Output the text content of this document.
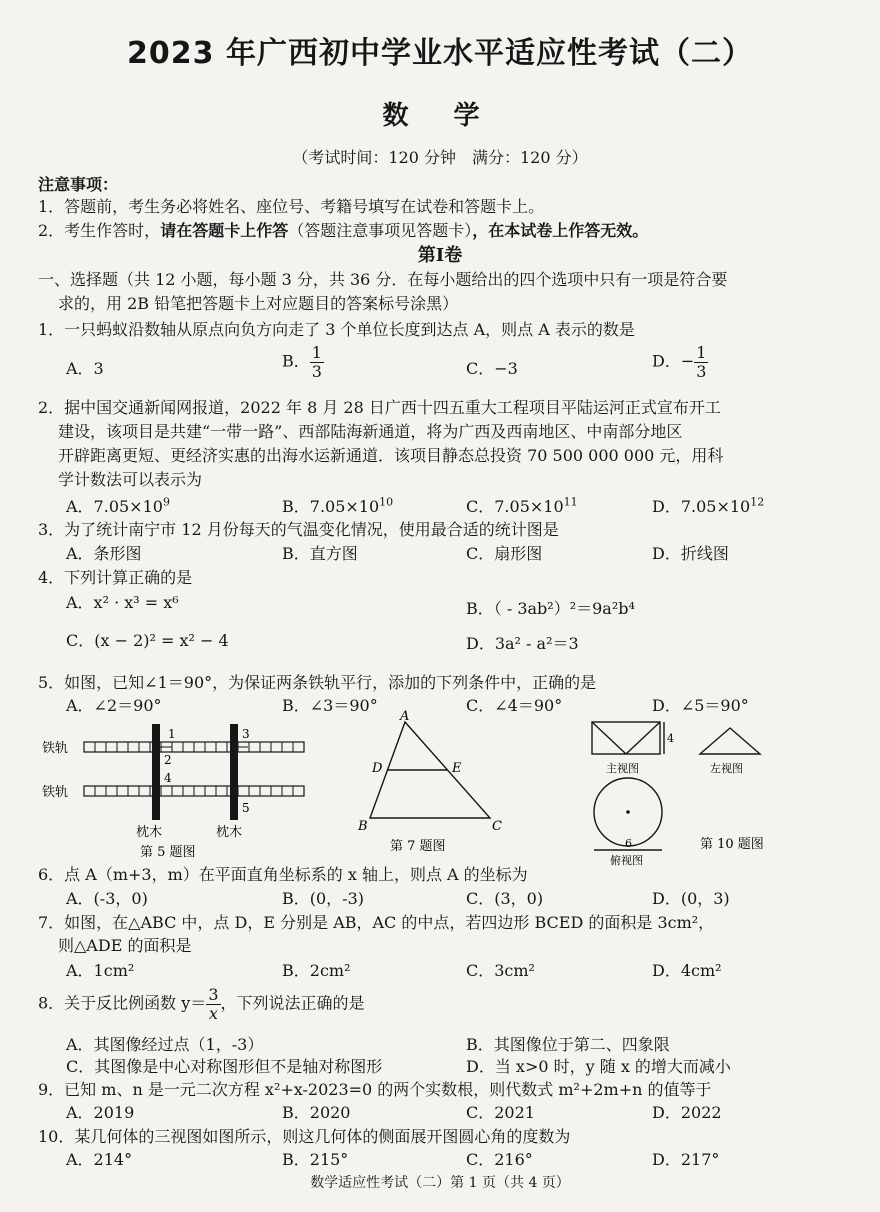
2023 年广西初中学业水平适应性考试（二）
数 学
（考试时间：120 分钟　满分：120 分）
注意事项：
1．答题前，考生务必将姓名、座位号、考籍号填写在试卷和答题卡上。
2．考生作答时，请在答题卡上作答（答题注意事项见答题卡），在本试卷上作答无效。
第Ⅰ卷
一、选择题（共 12 小题，每小题 3 分，共 36 分．在每小题给出的四个选项中只有一项是符合要
求的，用 2B 铅笔把答题卡上对应题目的答案标号涂黑）
1．一只蚂蚁沿数轴从原点向负方向走了 3 个单位长度到达点 A，则点 A 表示的数是
A．3	B． $\frac{1}{3}$	C．−3	D．− $\frac{1}{3}$
2．据中国交通新闻网报道，2022 年 8 月 28 日广西十四五重大工程项目平陆运河正式宣布开工
建设，该项目是共建“一带一路”、西部陆海新通道，将为广西及西南地区、中南部分地区
开辟距离更短、更经济实惠的出海水运新通道．该项目静态总投资 70 500 000 000 元，用科
学计数法可以表示为
A．$7.05\times 10^9$	B．$7.05\times 10^{10}$	C．$7.05\times 10^{11}$	D．$7.05\times 10^{12}$
3．为了统计南宁市 12 月份每天的气温变化情况，使用最合适的统计图是
A．条形图	B．直方图	C．扇形图	D．折线图
4．下列计算正确的是
A．x² · x³ = x⁶	B．（ - 3ab²）²＝9a²b⁴
C．(x − 2)² = x² − 4	D．3a² - a²＝3
5．如图，已知∠1＝90°，为保证两条铁轨平行，添加的下列条件中，正确的是
A．∠2＝90°	B．∠3＝90°	C．∠4＝90°	D．∠5＝90°
铁轨
铁轨
1
2
3
4
5
枕木	枕木
第 5 题图
A
B	C
D	E
第 7 题图
4
主视图	左视图
6
俯视图
第 10 题图
6．点 A（m+3，m）在平面直角坐标系的 x 轴上，则点 A 的坐标为
A．(-3，0)	B．(0，-3)	C．(3，0)	D．(0，3)
7．如图，在△ABC 中，点 D，E 分别是 AB，AC 的中点，若四边形 BCED 的面积是 3cm²，
则△ADE 的面积是
A．1cm²	B．2cm²	C．3cm²	D．4cm²
8．关于反比例函数 $y= \frac{3}{x}$ ，下列说法正确的是
A．其图像经过点（1，-3）	B．其图像位于第二、四象限
C．其图像是中心对称图形但不是轴对称图形	D．当 x>0 时，y 随 x 的增大而减小
9．已知 m、n 是一元二次方程 x²+x-2023=0 的两个实数根，则代数式 m²+2m+n 的值等于
A．2019	B．2020	C．2021	D．2022
10．某几何体的三视图如图所示，则这几何体的侧面展开图圆心角的度数为
A．214°	B．215°	C．216°	D．217°
数学适应性考试（二）第 1 页（共 4 页）
